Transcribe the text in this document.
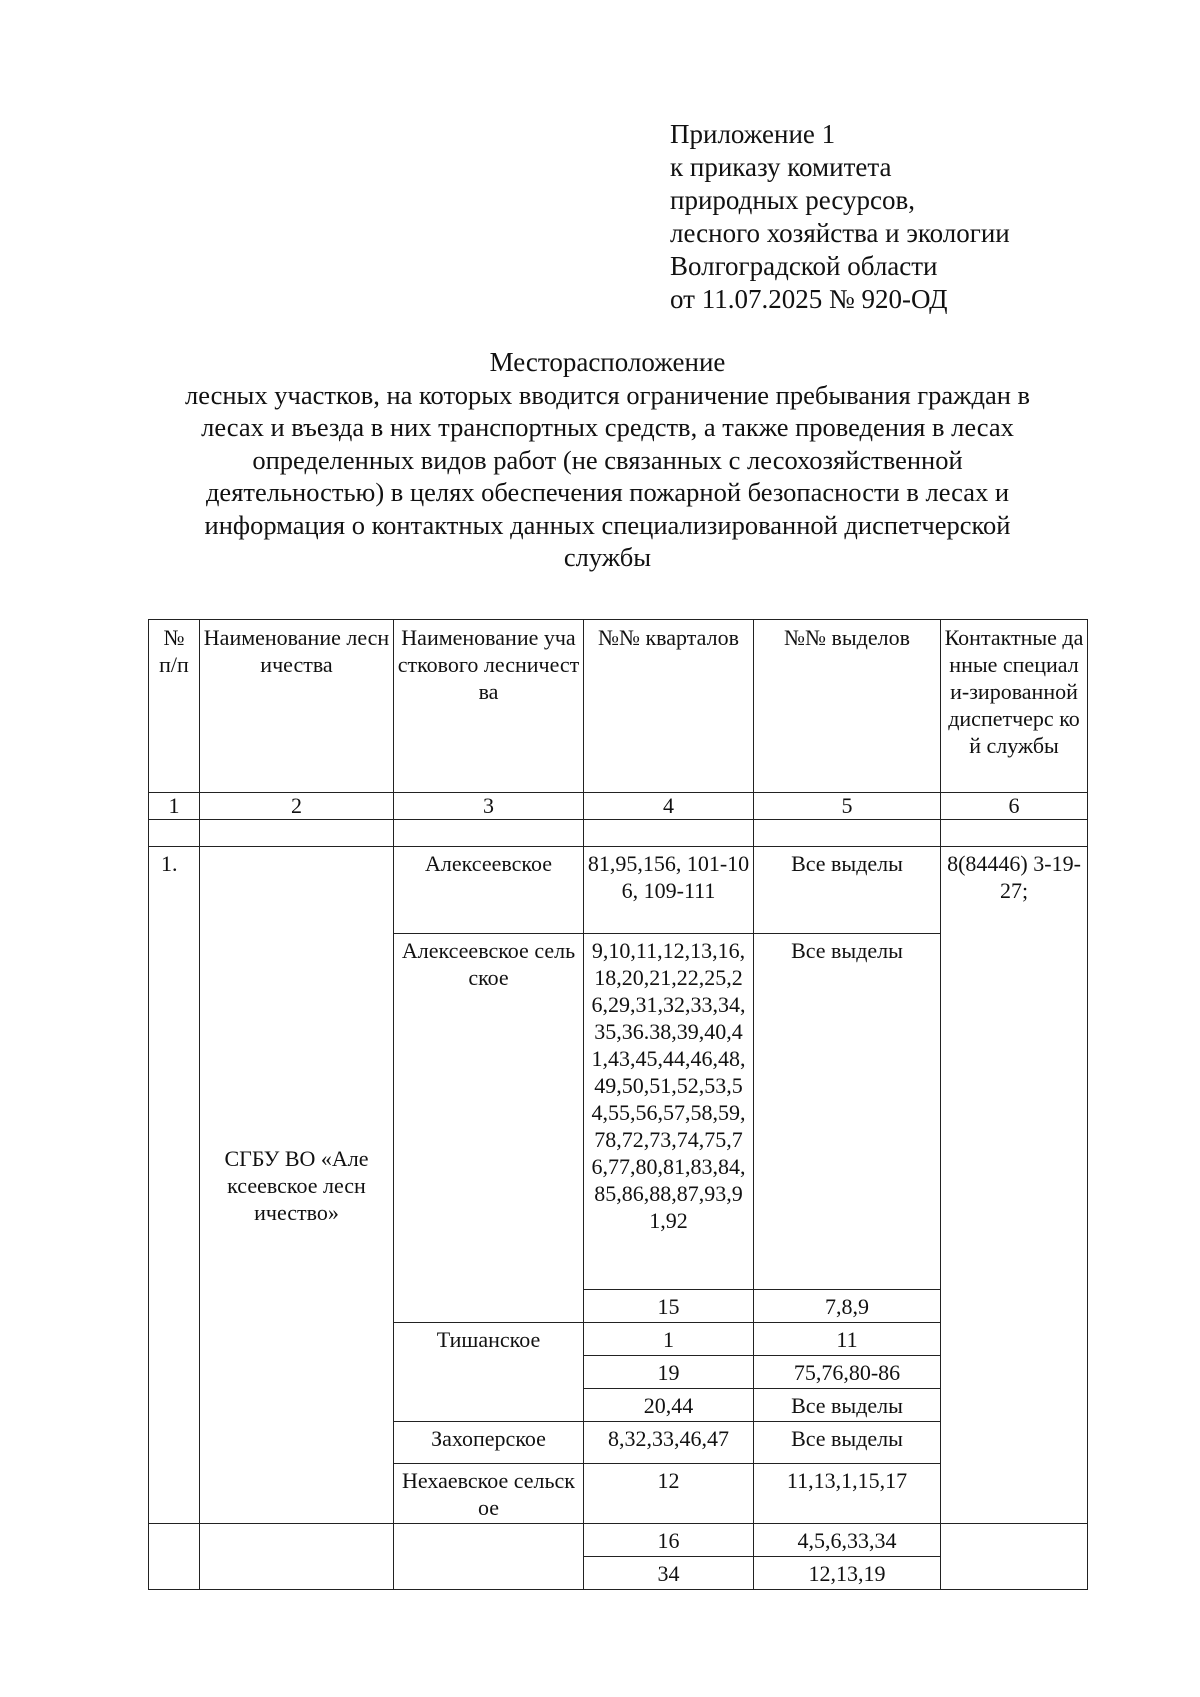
Приложение 1
к приказу комитета
природных ресурсов,
лесного хозяйства и экологии
Волгоградской области
от 11.07.2025 № 920-ОД
Месторасположение
лесных участков, на которых вводится ограничение пребывания граждан в
лесах и въезда в них транспортных средств, а также проведения в лесах
определенных видов работ (не связанных с лесохозяйственной
деятельностью) в целях обеспечения пожарной безопасности в лесах и
информация о контактных данных специализированной диспетчерской
службы
№ п/п	Наименование лесничества	Наименование участкового лесничества	№№ кварталов	№№ выделов	Контактные данные специали-зированной диспетчерс кой службы
1	2	3	4	5	6

1.	СГБУ ВО «Алексеевское лесничество»	Алексеевское	81,95,156, 101-106, 109-111	Все выделы	8(84446) 3-19-27;
		Алексеевское сельское	9,10,11,12,13,16,18,20,21,22,25,26,29,31,32,33,34,35,36.38,39,40,41,43,45,44,46,48,49,50,51,52,53,54,55,56,57,58,59,78,72,73,74,75,76,77,80,81,83,84,85,86,88,87,93,91,92	Все выделы	
			15	7,8,9	
		Тишанское	1	11	
			19	75,76,80-86	
			20,44	Все выделы	
		Захоперское	8,32,33,46,47	Все выделы	
		Нехаевское сельское	12	11,13,1,15,17	
			16	4,5,6,33,34	
			34	12,13,19	
